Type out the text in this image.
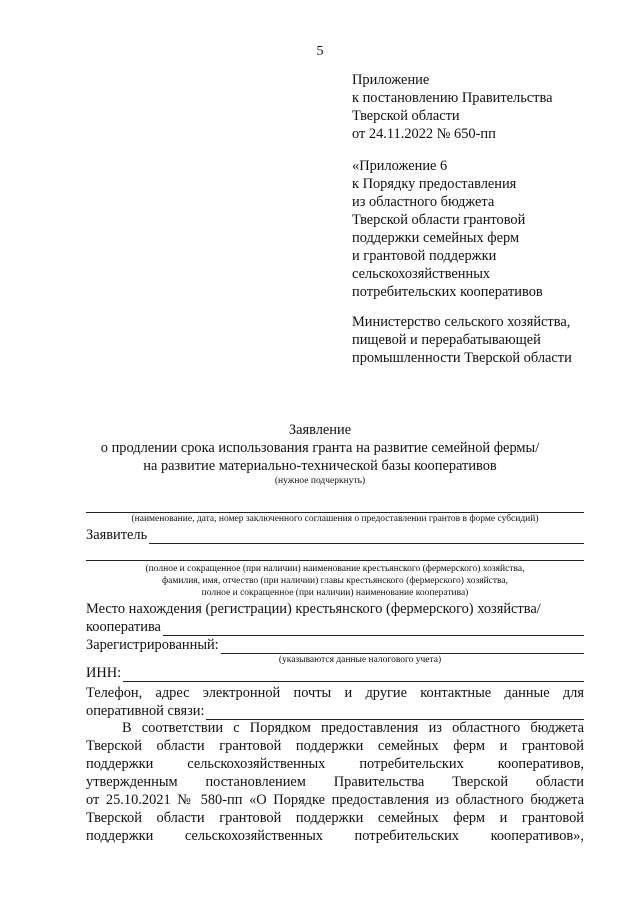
5
Приложение
к постановлению Правительства
Тверской области
от 24.11.2022 № 650-пп
«Приложение 6
к Порядку предоставления
из областного бюджета
Тверской области грантовой
поддержки семейных ферм
и грантовой поддержки
сельскохозяйственных
потребительских кооперативов
Министерство сельского хозяйства,
пищевой и перерабатывающей
промышленности Тверской области
Заявление
о продлении срока использования гранта на развитие семейной фермы/
на развитие материально-технической базы кооперативов
(нужное подчеркнуть)
(наименование, дата, номер заключенного соглашения о предоставлении грантов в форме субсидий)
Заявитель
(полное и сокращенное (при наличии) наименование крестьянского (фермерского) хозяйства,
фамилия, имя, отчество (при наличии) главы крестьянского (фермерского) хозяйства,
полное и сокращенное (при наличии) наименование кооператива)
Место нахождения (регистрации) крестьянского (фермерского) хозяйства/
кооператива
Зарегистрированный:
(указываются данные налогового учета)
ИНН:
Телефон, адрес электронной почты и другие контактные данные для
оперативной связи:
В соответствии с Порядком предоставления из областного бюджета
Тверской области грантовой поддержки семейных ферм и грантовой
поддержки сельскохозяйственных потребительских кооперативов,
утвержденным постановлением Правительства Тверской области
от 25.10.2021 № 580-пп «О Порядке предоставления из областного бюджета
Тверской области грантовой поддержки семейных ферм и грантовой
поддержки сельскохозяйственных потребительских кооперативов»,
